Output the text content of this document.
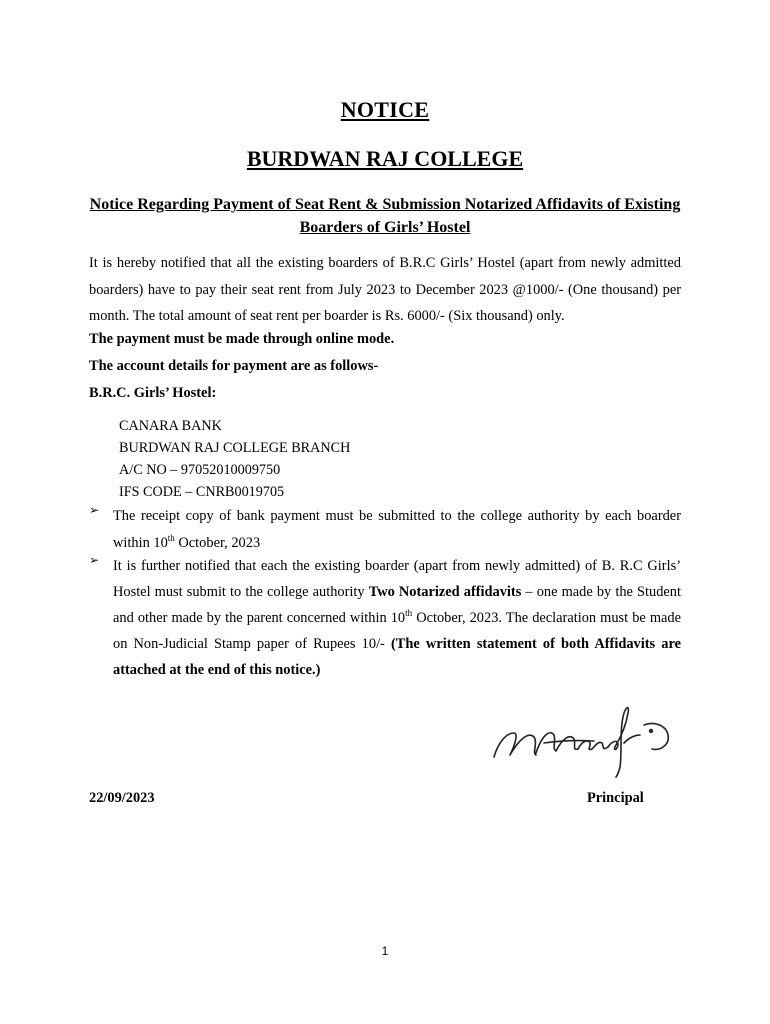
NOTICE
BURDWAN RAJ COLLEGE
Notice Regarding Payment of Seat Rent & Submission Notarized Affidavits of Existing Boarders of Girls’ Hostel
It is hereby notified that all the existing boarders of B.R.C Girls’ Hostel (apart from newly admitted boarders) have to pay their seat rent from July 2023 to December 2023 @1000/- (One thousand) per month. The total amount of seat rent per boarder is Rs. 6000/- (Six thousand) only.
The payment must be made through online mode.
The account details for payment are as follows-
B.R.C. Girls’ Hostel:
CANARA BANK
BURDWAN RAJ COLLEGE BRANCH
A/C NO – 97052010009750
IFS CODE – CNRB0019705
➢ The receipt copy of bank payment must be submitted to the college authority by each boarder within 10th October, 2023
➢ It is further notified that each the existing boarder (apart from newly admitted) of B. R.C Girls’ Hostel must submit to the college authority Two Notarized affidavits – one made by the Student and other made by the parent concerned within 10th October, 2023. The declaration must be made on Non-Judicial Stamp paper of Rupees 10/- (The written statement of both Affidavits are attached at the end of this notice.)
22/09/2023	Principal
1
